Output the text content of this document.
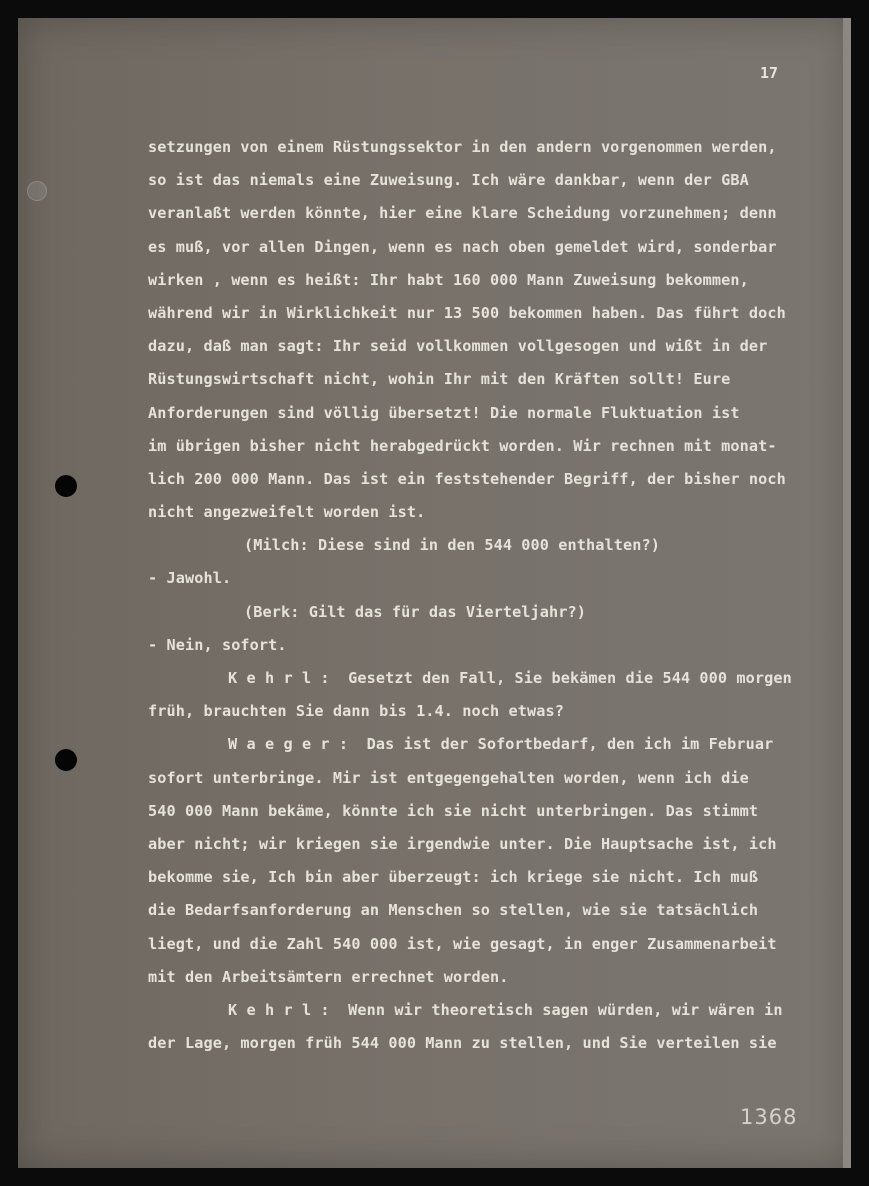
17
setzungen von einem Rüstungssektor in den andern vorgenommen werden,
so ist das niemals eine Zuweisung. Ich wäre dankbar, wenn der GBA
veranlaßt werden könnte, hier eine klare Scheidung vorzunehmen; denn
es muß, vor allen Dingen, wenn es nach oben gemeldet wird, sonderbar
wirken , wenn es heißt: Ihr habt 160 000 Mann Zuweisung bekommen,
während wir in Wirklichkeit nur 13 500 bekommen haben. Das führt doch
dazu, daß man sagt: Ihr seid vollkommen vollgesogen und wißt in der
Rüstungswirtschaft nicht, wohin Ihr mit den Kräften sollt! Eure
Anforderungen sind völlig übersetzt! Die normale Fluktuation ist
im übrigen bisher nicht herabgedrückt worden. Wir rechnen mit monat-
lich 200 000 Mann. Das ist ein feststehender Begriff, der bisher noch
nicht angezweifelt worden ist.
(Milch: Diese sind in den 544 000 enthalten?)
- Jawohl.
(Berk: Gilt das für das Vierteljahr?)
- Nein, sofort.
K e h r l :  Gesetzt den Fall, Sie bekämen die 544 000 morgen
früh, brauchten Sie dann bis 1.4. noch etwas?
W a e g e r :  Das ist der Sofortbedarf, den ich im Februar
sofort unterbringe. Mir ist entgegengehalten worden, wenn ich die
540 000 Mann bekäme, könnte ich sie nicht unterbringen. Das stimmt
aber nicht; wir kriegen sie irgendwie unter. Die Hauptsache ist, ich
bekomme sie, Ich bin aber überzeugt: ich kriege sie nicht. Ich muß
die Bedarfsanforderung an Menschen so stellen, wie sie tatsächlich
liegt, und die Zahl 540 000 ist, wie gesagt, in enger Zusammenarbeit
mit den Arbeitsämtern errechnet worden.
K e h r l :  Wenn wir theoretisch sagen würden, wir wären in
der Lage, morgen früh 544 000 Mann zu stellen, und Sie verteilen sie
1368
